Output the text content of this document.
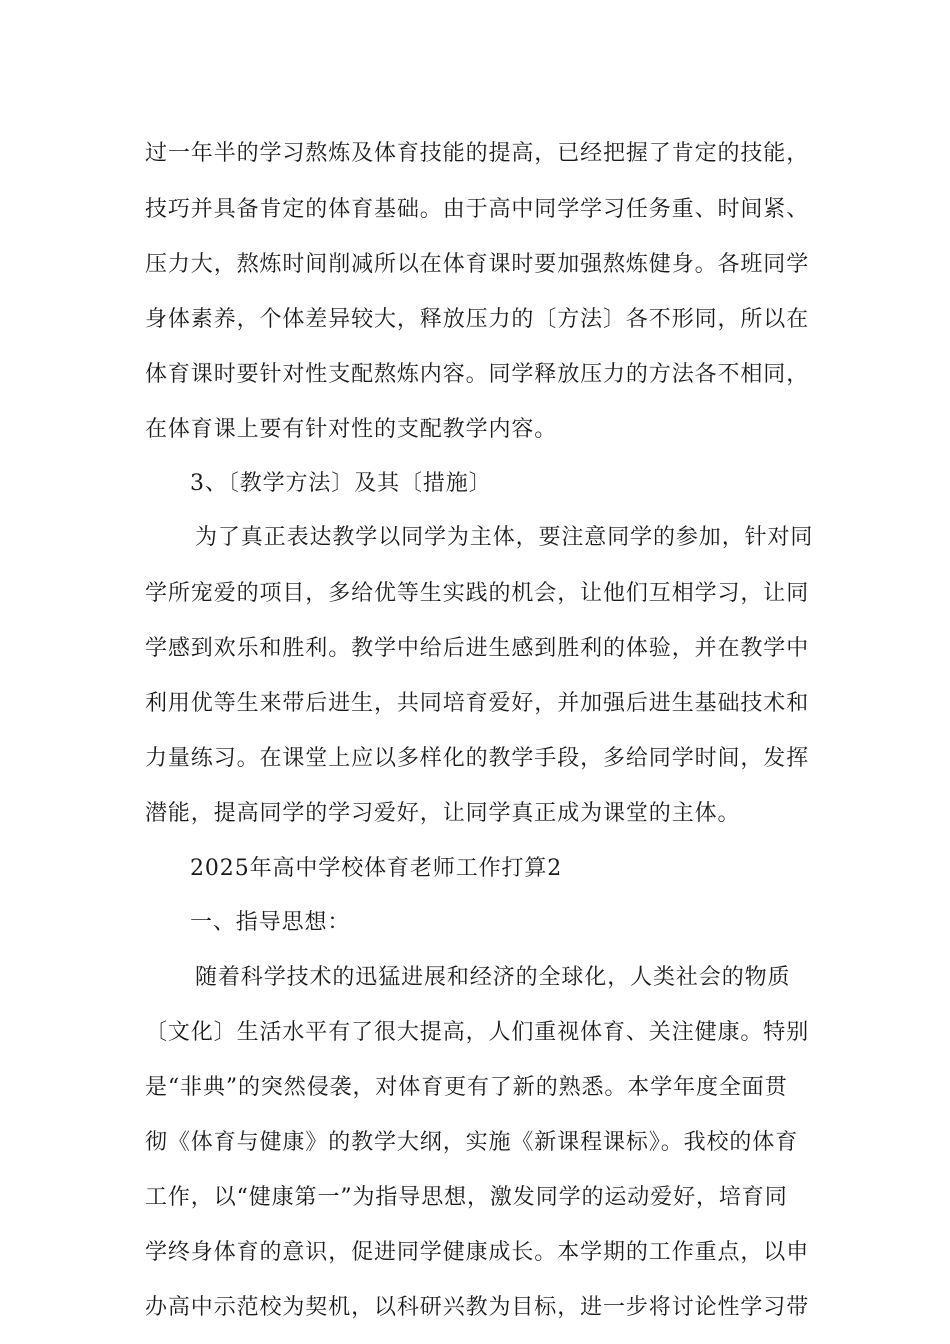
过一年半的学习熬炼及体育技能的提高，已经把握了肯定的技能，
技巧并具备肯定的体育基础。由于高中同学学习任务重、时间紧、
压力大，熬炼时间削减所以在体育课时要加强熬炼健身。各班同学
身体素养，个体差异较大，释放压力的〔方法〕各不形同，所以在
体育课时要针对性支配熬炼内容。同学释放压力的方法各不相同，
在体育课上要有针对性的支配教学内容。
3、〔教学方法〕及其〔措施〕
为了真正表达教学以同学为主体，要注意同学的参加，针对同
学所宠爱的项目，多给优等生实践的机会，让他们互相学习，让同
学感到欢乐和胜利。教学中给后进生感到胜利的体验，并在教学中
利用优等生来带后进生，共同培育爱好，并加强后进生基础技术和
力量练习。在课堂上应以多样化的教学手段，多给同学时间，发挥
潜能，提高同学的学习爱好，让同学真正成为课堂的主体。
2025年高中学校体育老师工作打算2
一、指导思想：
随着科学技术的迅猛进展和经济的全球化，人类社会的物质
〔文化〕生活水平有了很大提高，人们重视体育、关注健康。特别
是“非典”的突然侵袭，对体育更有了新的熟悉。本学年度全面贯
彻《体育与健康》的教学大纲，实施《新课程课标》。我校的体育
工作，以“健康第一”为指导思想，激发同学的运动爱好，培育同
学终身体育的意识，促进同学健康成长。本学期的工作重点，以申
办高中示范校为契机，以科研兴教为目标，进一步将讨论性学习带
